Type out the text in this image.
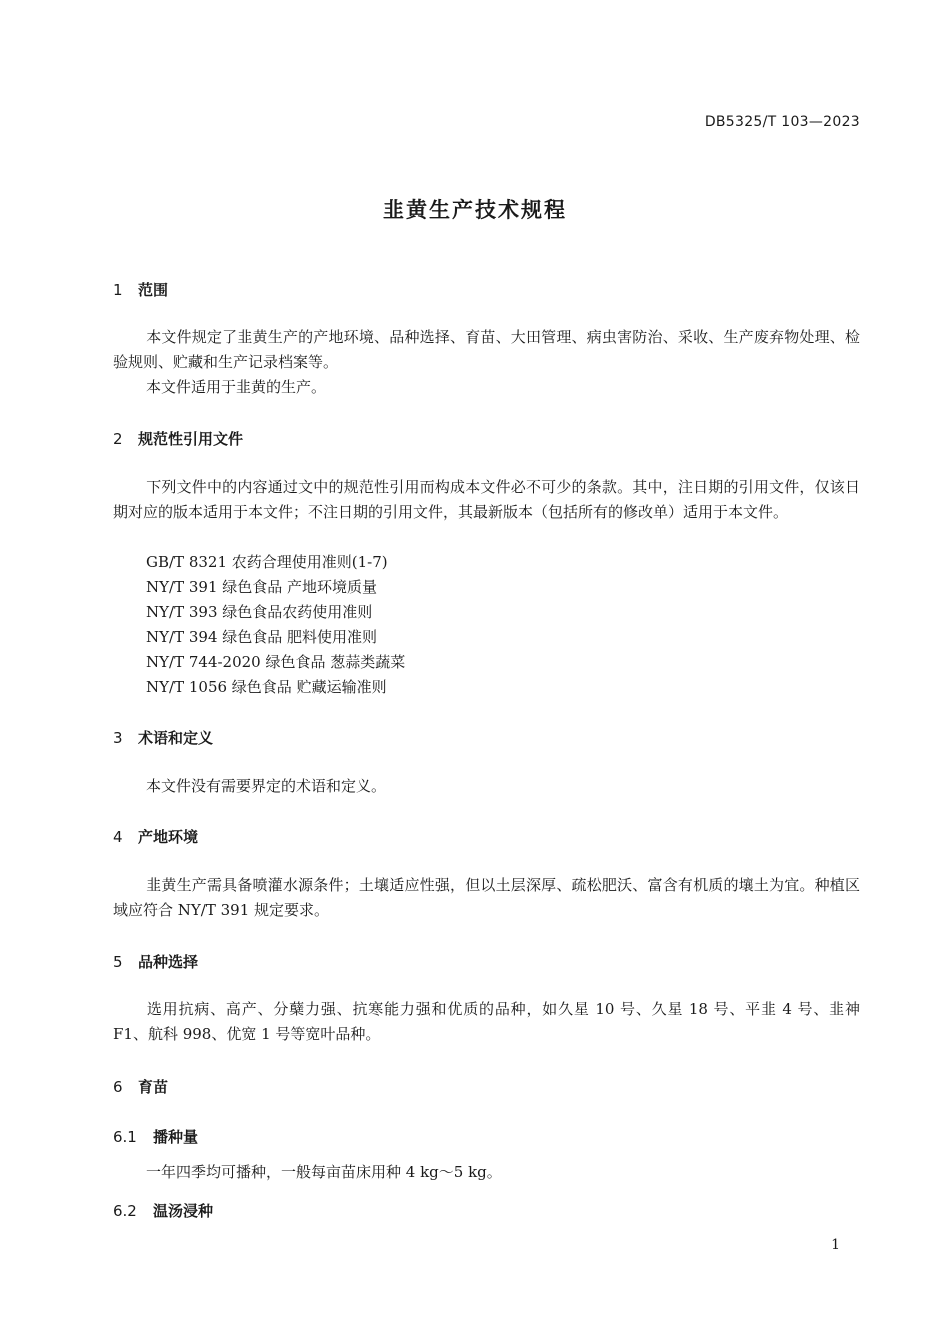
DB5325/T 103—2023
韭黄生产技术规程
1 范围
本文件规定了韭黄生产的产地环境、品种选择、育苗、大田管理、病虫害防治、采收、生产废弃物处理、检验规则、贮藏和生产记录档案等。
本文件适用于韭黄的生产。
2 规范性引用文件
下列文件中的内容通过文中的规范性引用而构成本文件必不可少的条款。其中，注日期的引用文件，仅该日期对应的版本适用于本文件；不注日期的引用文件，其最新版本（包括所有的修改单）适用于本文件。
GB/T 8321 农药合理使用准则(1-7)
NY/T 391 绿色食品 产地环境质量
NY/T 393 绿色食品农药使用准则
NY/T 394 绿色食品 肥料使用准则
NY/T 744-2020 绿色食品 葱蒜类蔬菜
NY/T 1056 绿色食品 贮藏运输准则
3 术语和定义
本文件没有需要界定的术语和定义。
4 产地环境
韭黄生产需具备喷灌水源条件；土壤适应性强，但以土层深厚、疏松肥沃、富含有机质的壤土为宜。种植区域应符合 NY/T 391 规定要求。
5 品种选择
选用抗病、高产、分蘖力强、抗寒能力强和优质的品种，如久星 10 号、久星 18 号、平韭 4 号、韭神 F1、航科 998、优宽 1 号等宽叶品种。
6 育苗
6.1 播种量
一年四季均可播种，一般每亩苗床用种 4 kg～5 kg。
6.2 温汤浸种
1
